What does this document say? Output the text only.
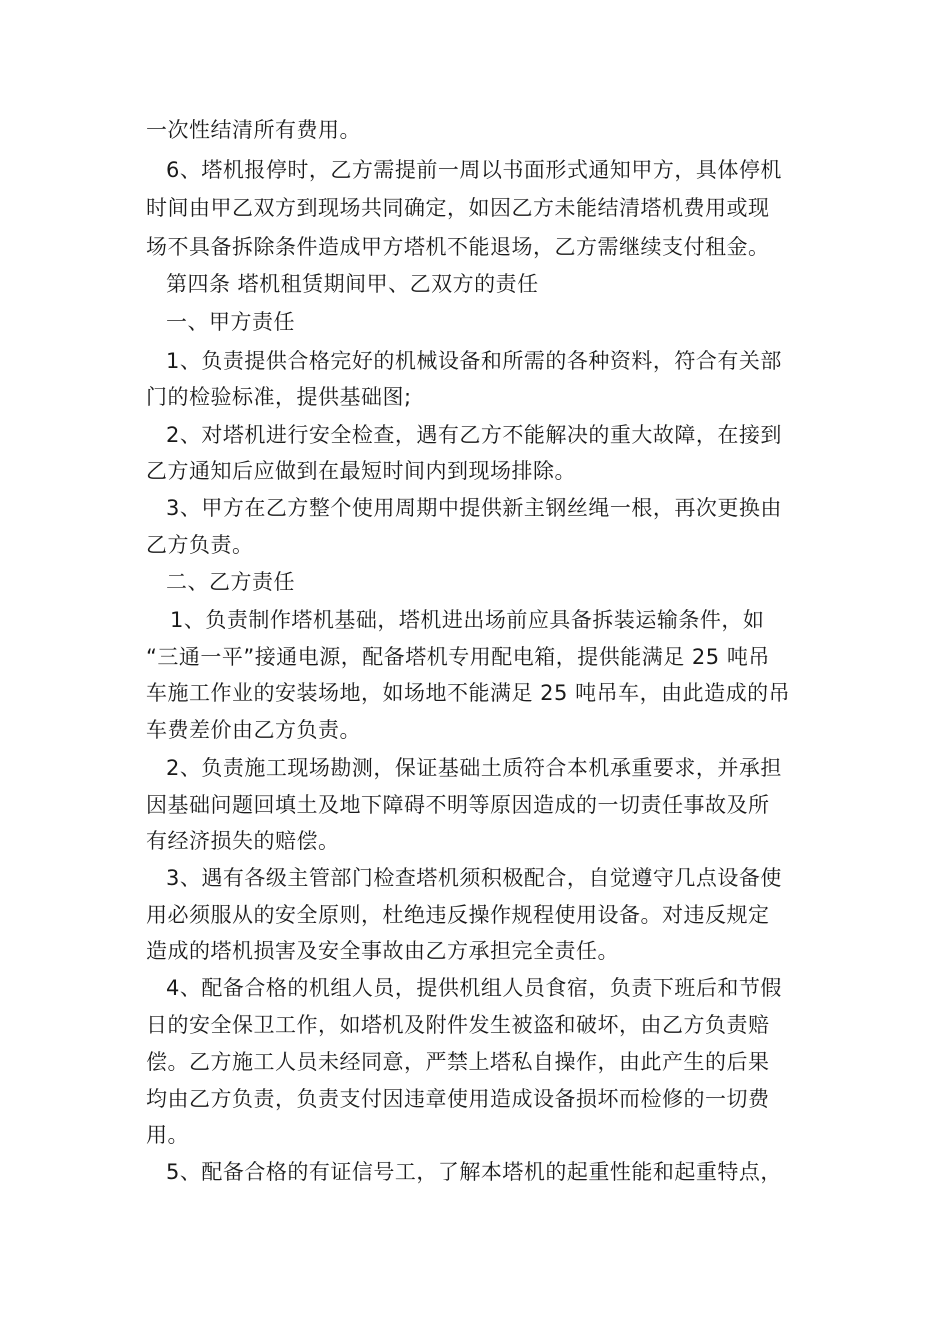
一次性结清所有费用。

6、塔机报停时，乙方需提前一周以书面形式通知甲方，具体停机

时间由甲乙双方到现场共同确定，如因乙方未能结清塔机费用或现

场不具备拆除条件造成甲方塔机不能退场，乙方需继续支付租金。

第四条 塔机租赁期间甲、乙双方的责任

一、甲方责任

1、负责提供合格完好的机械设备和所需的各种资料，符合有关部

门的检验标准，提供基础图;

2、对塔机进行安全检查，遇有乙方不能解决的重大故障，在接到

乙方通知后应做到在最短时间内到现场排除。

3、甲方在乙方整个使用周期中提供新主钢丝绳一根，再次更换由

乙方负责。

二、乙方责任

1、负责制作塔机基础，塔机进出场前应具备拆装运输条件，如

“三通一平”接通电源，配备塔机专用配电箱，提供能满足 25 吨吊

车施工作业的安装场地，如场地不能满足 25 吨吊车，由此造成的吊

车费差价由乙方负责。

2、负责施工现场勘测，保证基础土质符合本机承重要求，并承担

因基础问题回填土及地下障碍不明等原因造成的一切责任事故及所

有经济损失的赔偿。

3、遇有各级主管部门检查塔机须积极配合，自觉遵守几点设备使

用必须服从的安全原则，杜绝违反操作规程使用设备。对违反规定

造成的塔机损害及安全事故由乙方承担完全责任。

4、配备合格的机组人员，提供机组人员食宿，负责下班后和节假

日的安全保卫工作，如塔机及附件发生被盗和破坏，由乙方负责赔

偿。乙方施工人员未经同意，严禁上塔私自操作，由此产生的后果

均由乙方负责，负责支付因违章使用造成设备损坏而检修的一切费

用。

5、配备合格的有证信号工，了解本塔机的起重性能和起重特点，
